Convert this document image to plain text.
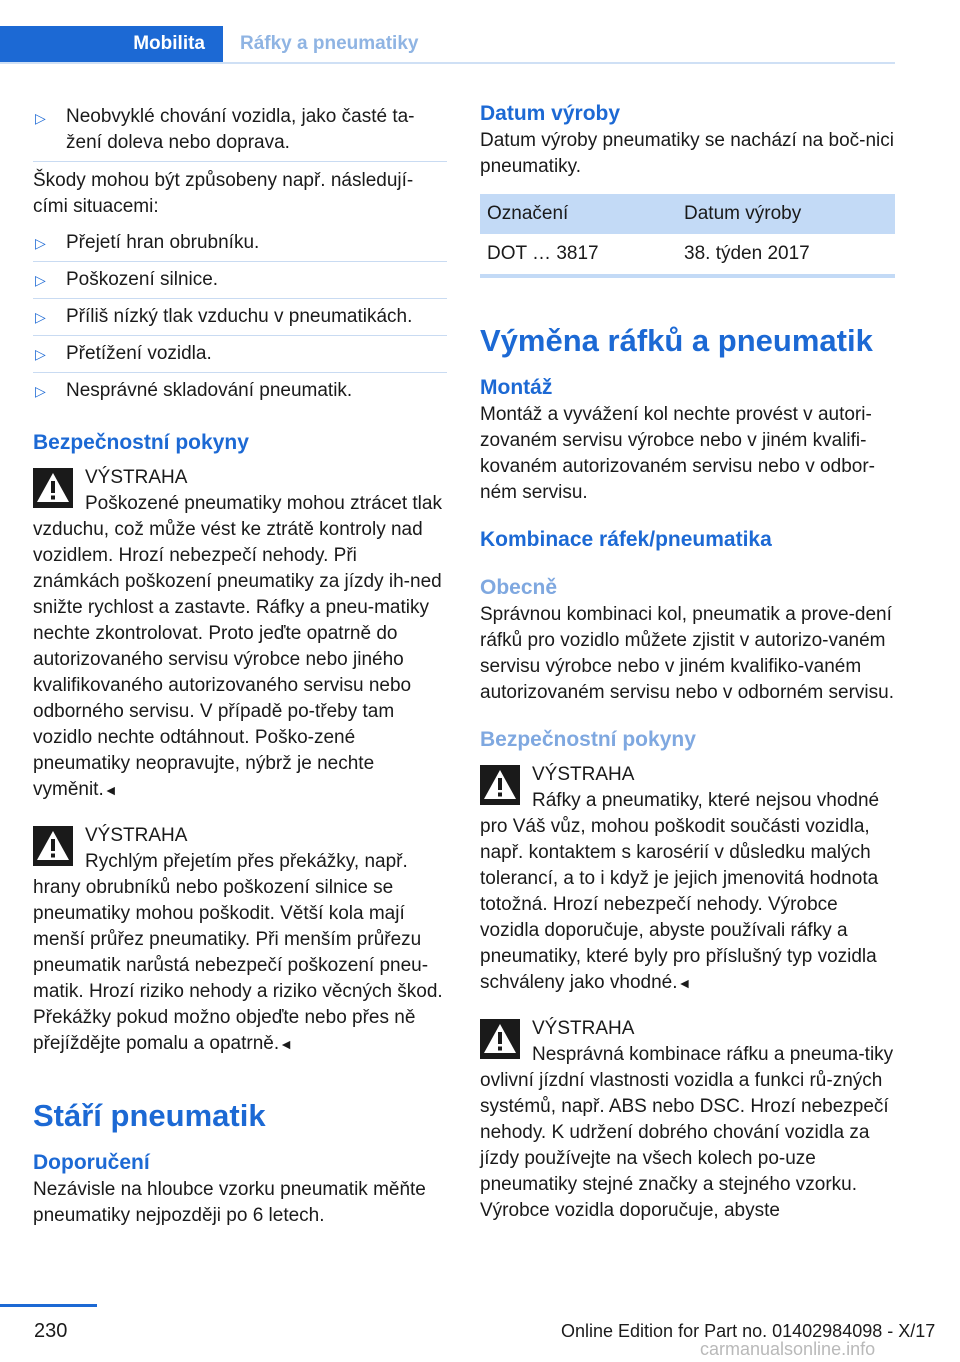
Mobilita	Ráfky a pneumatiky
▷ Neobvyklé chování vozidla, jako časté ta-žení doleva nebo doprava.

Škody mohou být způsobeny např. následují-cími situacemi:

▷ Přejetí hran obrubníku.
▷ Poškození silnice.
▷ Příliš nízký tlak vzduchu v pneumatikách.
▷ Přetížení vozidla.
▷ Nesprávné skladování pneumatik.
Bezpečnostní pokyny
VÝSTRAHA

Poškozené pneumatiky mohou ztrácet tlak vzduchu, což může vést ke ztrátě kontroly nad vozidlem. Hrozí nebezpečí nehody. Při známkách poškození pneumatiky za jízdy ih-ned snižte rychlost a zastavte. Ráfky a pneu-matiky nechte zkontrolovat. Proto jeďte opatrně do autorizovaného servisu výrobce nebo jiného kvalifikovaného autorizovaného servisu nebo odborného servisu. V případě po-třeby tam vozidlo nechte odtáhnout. Poško-zené pneumatiky neopravujte, nýbrž je nechte vyměnit.◄

VÝSTRAHA

Rychlým přejetím přes překážky, např. hrany obrubníků nebo poškození silnice se pneumatiky mohou poškodit. Větší kola mají menší průřez pneumatiky. Při menším průřezu pneumatik narůstá nebezpečí poškození pneu-matik. Hrozí riziko nehody a riziko věcných škod. Překážky pokud možno objeďte nebo přes ně přejíždějte pomalu a opatrně.◄

Stáří pneumatik
Doporučení

Nezávisle na hloubce vzorku pneumatik měňte pneumatiky nejpozději po 6 letech.

Datum výroby

Datum výroby pneumatiky se nachází na boč-nici pneumatiky.

Označení	Datum výroby
DOT … 3817	38. týden 2017
Výměna ráfků a pneumatik
Montáž

Montáž a vyvážení kol nechte provést v autori-zovaném servisu výrobce nebo v jiném kvalifi-kovaném autorizovaném servisu nebo v odbor-ném servisu.

Kombinace ráfek/pneumatika
Obecně

Správnou kombinaci kol, pneumatik a prove-dení ráfků pro vozidlo můžete zjistit v autorizo-vaném servisu výrobce nebo v jiném kvalifiko-vaném autorizovaném servisu nebo v odborném servisu.

Bezpečnostní pokyny
VÝSTRAHA

Ráfky a pneumatiky, které nejsou vhodné pro Váš vůz, mohou poškodit součásti vozidla, např. kontaktem s karosérií v důsledku malých tolerancí, a to i když je jejich jmenovitá hodnota totožná. Hrozí nebezpečí nehody. Výrobce vozidla doporučuje, abyste používali ráfky a pneumatiky, které byly pro příslušný typ vozidla schváleny jako vhodné.◄

VÝSTRAHA

Nesprávná kombinace ráfku a pneuma-tiky ovlivní jízdní vlastnosti vozidla a funkci rů-zných systémů, např. ABS nebo DSC. Hrozí nebezpečí nehody. K udržení dobrého chování vozidla za jízdy používejte na všech kolech po-uze pneumatiky stejné značky a stejného vzorku. Výrobce vozidla doporučuje, abyste

230	Online Edition for Part no. 01402984098 - X/17
carmanualsonline.info
